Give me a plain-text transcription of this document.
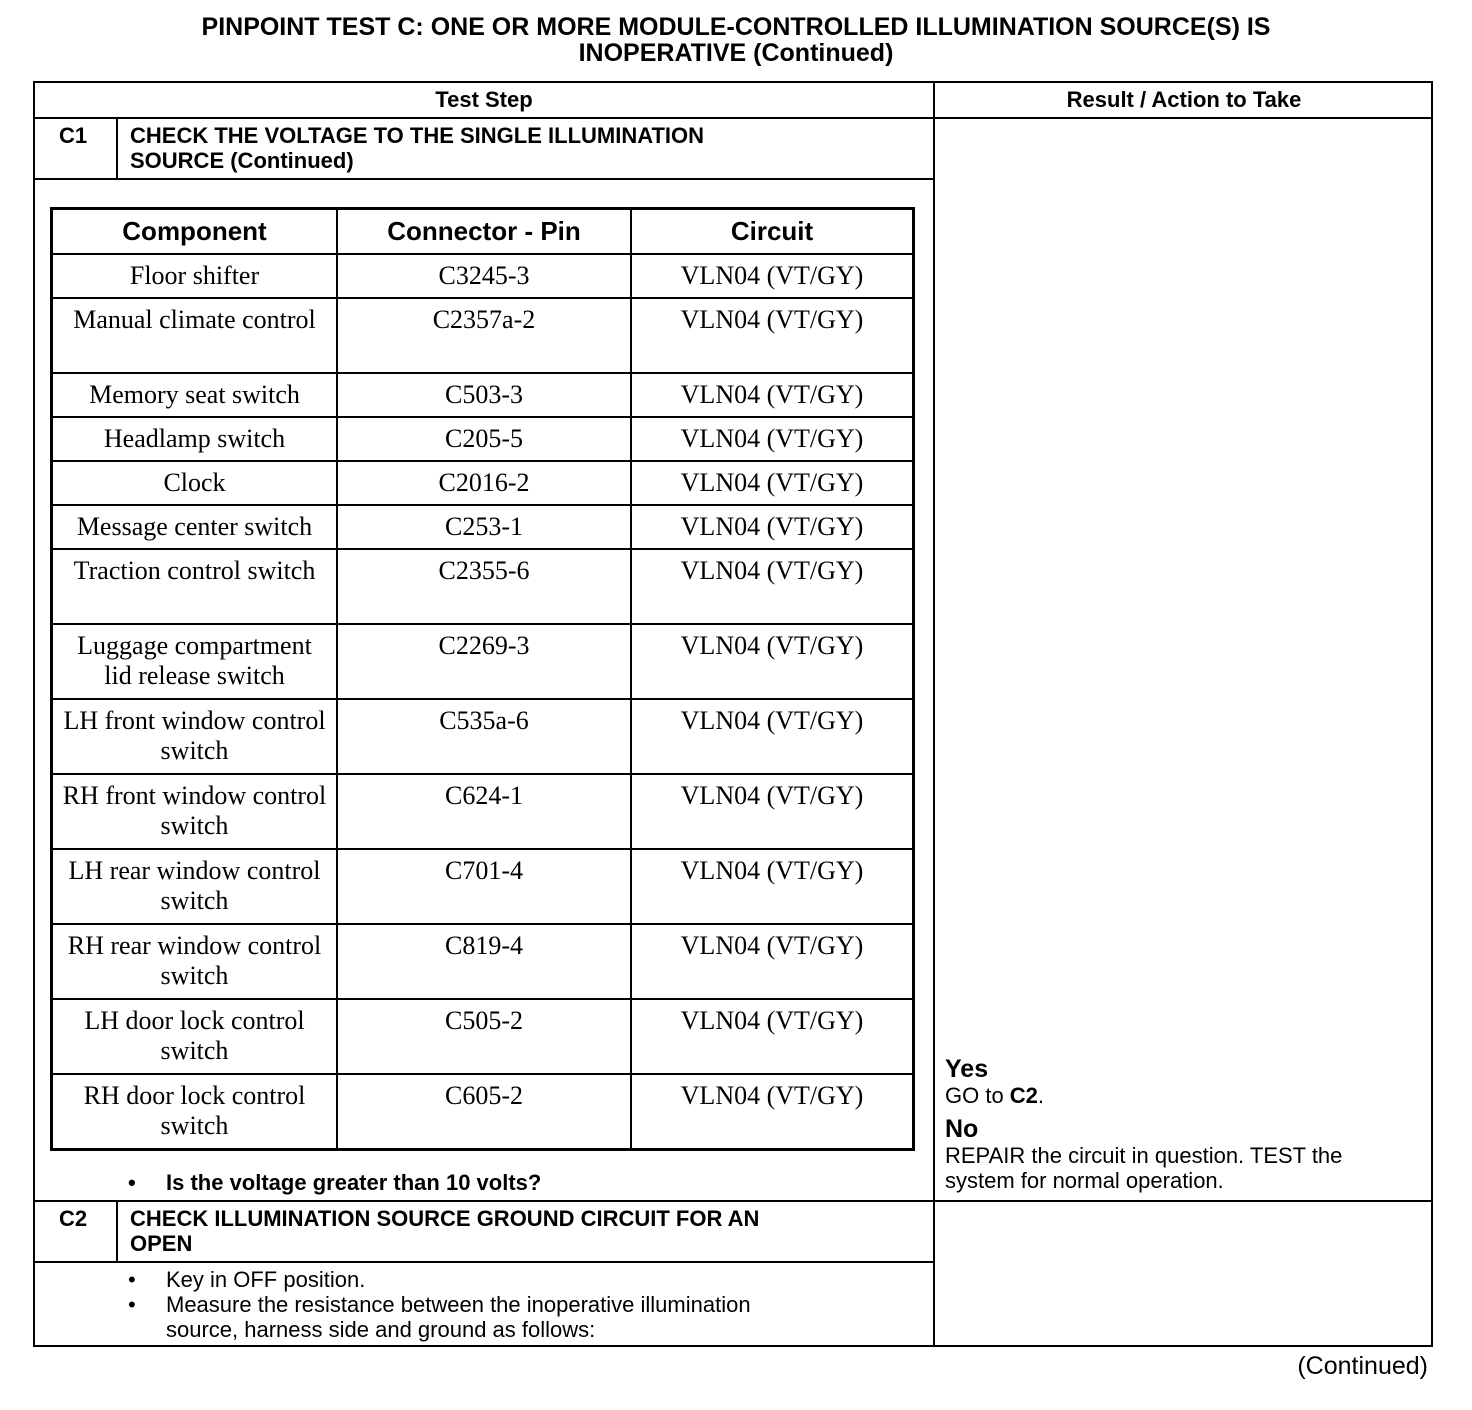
PINPOINT TEST C: ONE OR MORE MODULE-CONTROLLED ILLUMINATION SOURCE(S) IS
INOPERATIVE (Continued)
Test Step	Result / Action to Take
C1 CHECK THE VOLTAGE TO THE SINGLE ILLUMINATION
SOURCE (Continued)
Component	Connector - Pin	Circuit
Floor shifter	C3245-3	VLN04 (VT/GY)
Manual climate control	C2357a-2	VLN04 (VT/GY)
Memory seat switch	C503-3	VLN04 (VT/GY)
Headlamp switch	C205-5	VLN04 (VT/GY)
Clock	C2016-2	VLN04 (VT/GY)
Message center switch	C253-1	VLN04 (VT/GY)
Traction control switch	C2355-6	VLN04 (VT/GY)
Luggage compartment lid release switch	C2269-3	VLN04 (VT/GY)
LH front window control switch	C535a-6	VLN04 (VT/GY)
RH front window control switch	C624-1	VLN04 (VT/GY)
LH rear window control switch	C701-4	VLN04 (VT/GY)
RH rear window control switch	C819-4	VLN04 (VT/GY)
LH door lock control switch	C505-2	VLN04 (VT/GY)
RH door lock control switch	C605-2	VLN04 (VT/GY)
• Is the voltage greater than 10 volts?
Yes
GO to C2.
No
REPAIR the circuit in question. TEST the
system for normal operation.
C2 CHECK ILLUMINATION SOURCE GROUND CIRCUIT FOR AN
OPEN
• Key in OFF position.
• Measure the resistance between the inoperative illumination
source, harness side and ground as follows:
(Continued)
